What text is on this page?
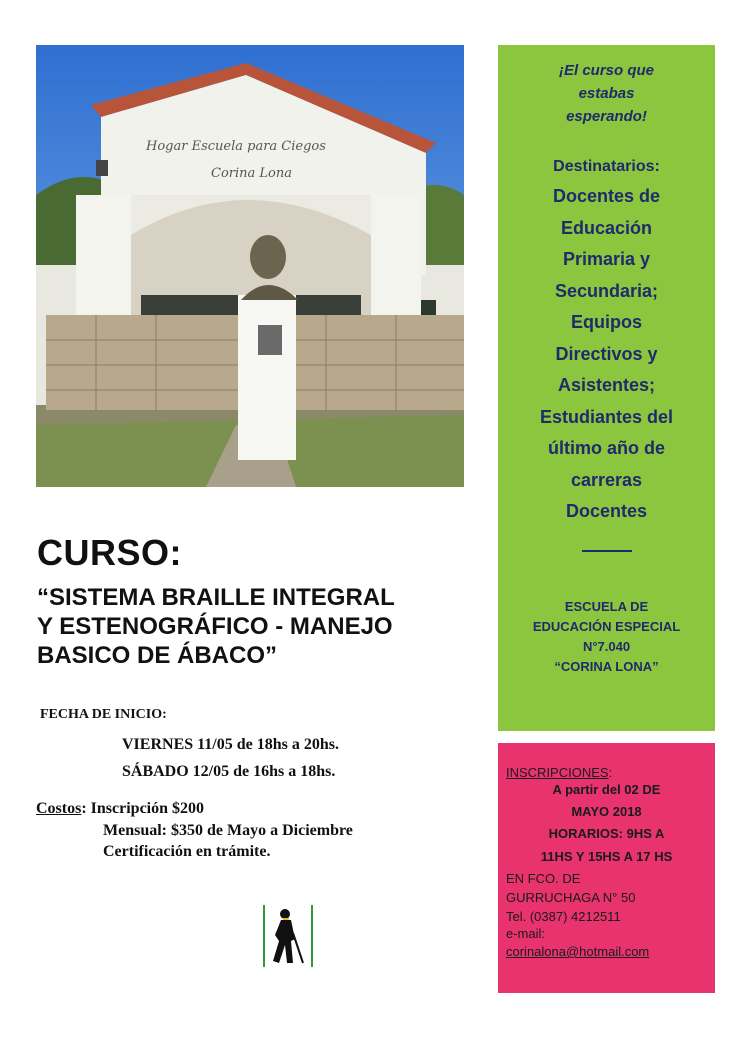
Hogar Escuela para Ciegos
Corina Lona
¡El curso que
estabas
esperando!
Destinatarios:
Docentes de
Educación
Primaria y
Secundaria;
Equipos
Directivos y
Asistentes;
Estudiantes del
último año de
carreras
Docentes
ESCUELA DE
EDUCACIÓN ESPECIAL
N°7.040
“CORINA LONA”
INSCRIPCIONES:
A partir del 02 DE
MAYO 2018
HORARIOS: 9HS A
11HS Y 15HS A 17 HS
EN FCO. DE
GURRUCHAGA N° 50
Tel. (0387) 4212511
e-mail:
corinalona@hotmail.com
CURSO:
“SISTEMA BRAILLE INTEGRAL
Y ESTENOGRÁFICO - MANEJO
BASICO DE ÁBACO”
FECHA DE INICIO:
VIERNES 11/05 de 18hs a 20hs.
SÁBADO 12/05 de 16hs a 18hs.
Costos: Inscripción $200
Mensual: $350 de Mayo a Diciembre
Certificación en trámite.
